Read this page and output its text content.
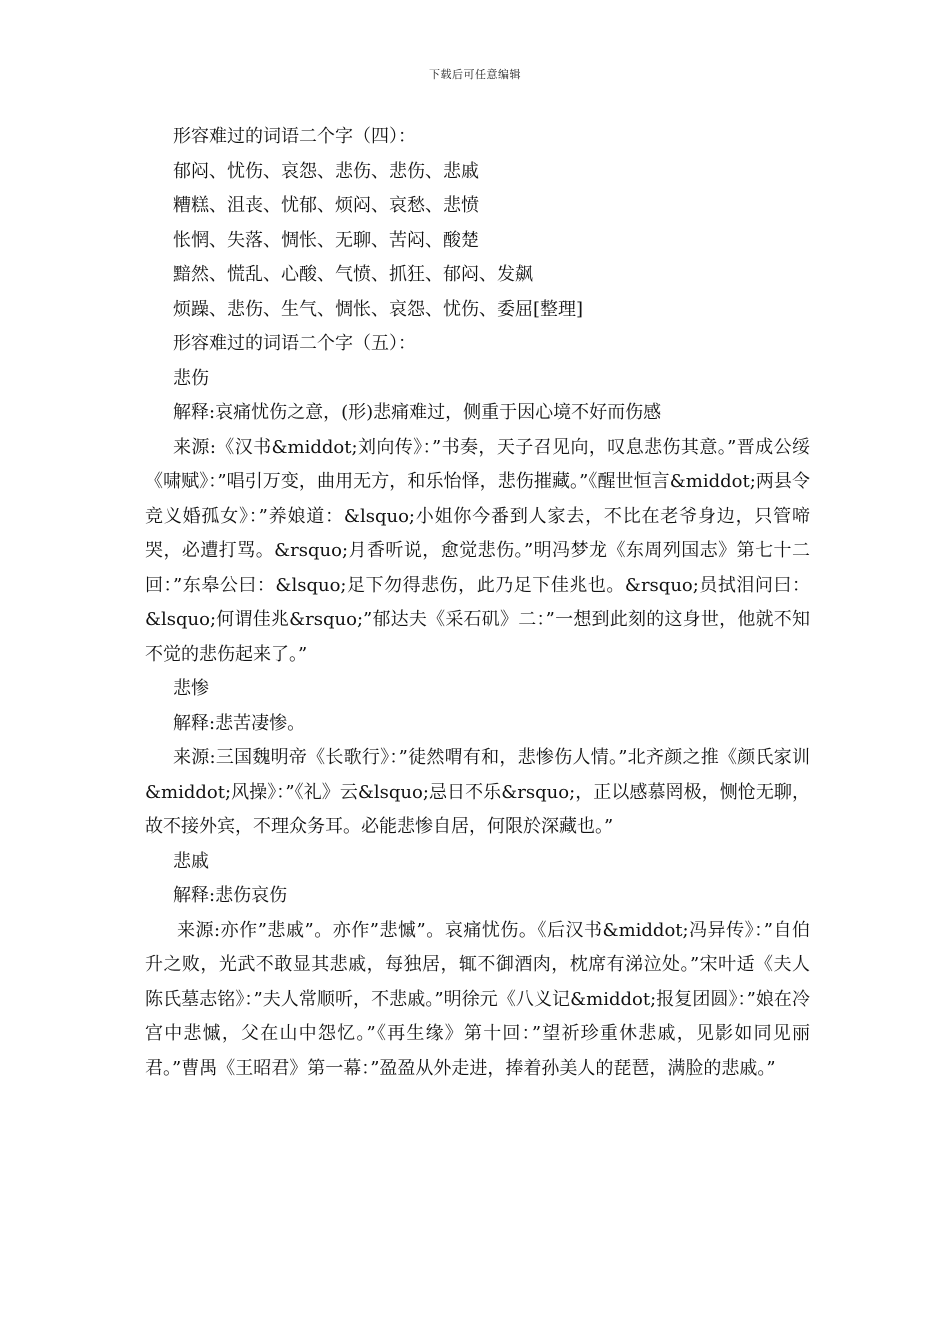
下载后可任意编辑

形容难过的词语二个字（四）：

郁闷、忧伤、哀怨、悲伤、悲伤、悲戚

糟糕、沮丧、忧郁、烦闷、哀愁、悲愤

怅惘、失落、惆怅、无聊、苦闷、酸楚

黯然、慌乱、心酸、气愤、抓狂、郁闷、发飙

烦躁、悲伤、生气、惆怅、哀怨、忧伤、委屈[整理]

形容难过的词语二个字（五）：

悲伤

解释:哀痛忧伤之意，(形)悲痛难过，侧重于因心境不好而伤感

来源:《汉书&middot;刘向传》：”书奏，天子召见向，叹息悲伤其意。”晋成公绥《啸赋》：”唱引万变，曲用无方，和乐怡怿，悲伤摧藏。”《醒世恒言&middot;两县令竞义婚孤女》：”养娘道：&lsquo;小姐你今番到人家去，不比在老爷身边，只管啼哭，必遭打骂。&rsquo;月香听说，愈觉悲伤。”明冯梦龙《东周列国志》第七十二回：”东皋公曰：&lsquo;足下勿得悲伤，此乃足下佳兆也。&rsquo;员拭泪问曰：&lsquo;何谓佳兆&rsquo;”郁达夫《采石矶》二：”一想到此刻的这身世，他就不知不觉的悲伤起来了。”

悲惨

解释:悲苦凄惨。

来源:三国魏明帝《长歌行》：”徒然喟有和，悲惨伤人情。”北齐颜之推《颜氏家训&middot;风操》：”《礼》云&lsquo;忌日不乐&rsquo;，正以感慕罔极，恻怆无聊，故不接外宾，不理众务耳。必能悲惨自居，何限於深藏也。”

悲戚

解释:悲伤哀伤

来源:亦作”悲戚”。亦作”悲慽”。哀痛忧伤。《后汉书&middot;冯异传》：”自伯升之败，光武不敢显其悲戚，每独居，辄不御酒肉，枕席有涕泣处。”宋叶适《夫人陈氏墓志铭》：”夫人常顺听，不悲戚。”明徐元《八义记&middot;报复团圆》：”娘在冷宫中悲慽，父在山中怨忆。”《再生缘》第十回：”望祈珍重休悲戚，见影如同见丽君。”曹禺《王昭君》第一幕：”盈盈从外走进，捧着孙美人的琵琶，满脸的悲戚。”
